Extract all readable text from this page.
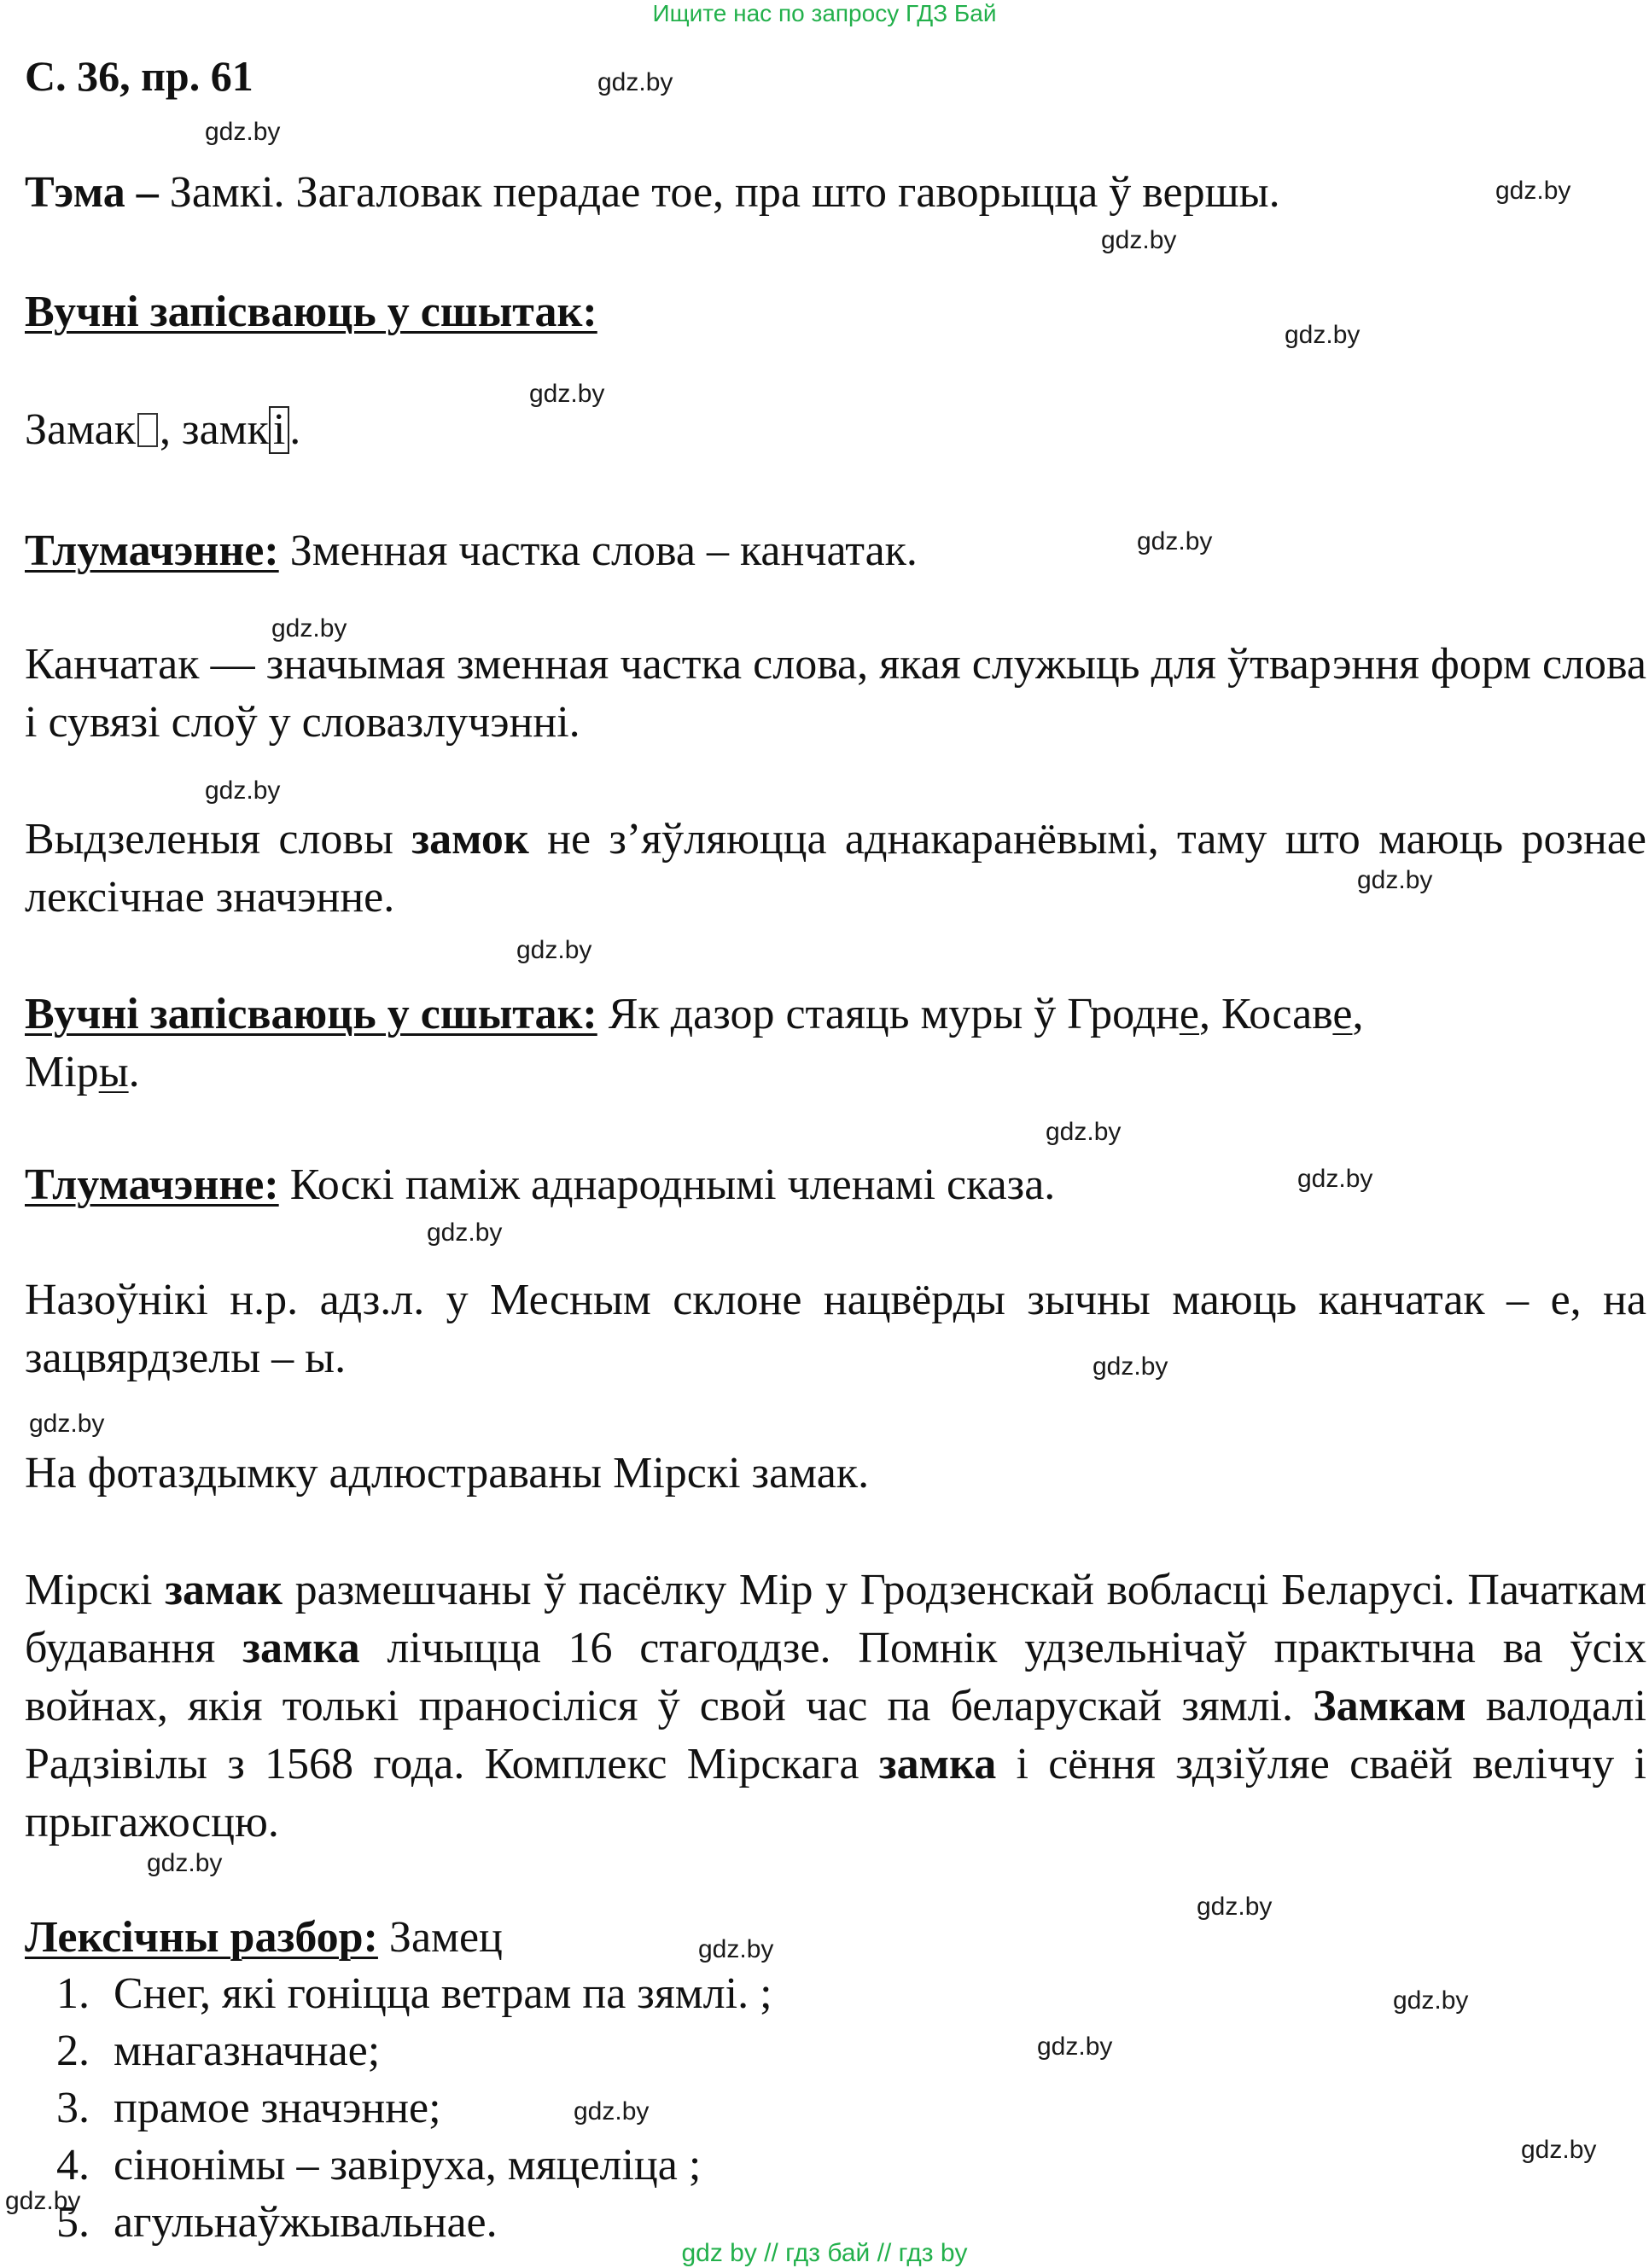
Ищите нас по запросу ГДЗ Бай
С. 36, пр. 61
Тэма – Замкі. Загаловак перадае тое, пра што гаворыцца ў вершы.
Вучні запісваюць у сшытак:
Замак , замкі.
Тлумачэнне: Зменная частка слова – канчатак.
Канчатак — значымая зменная частка слова, якая служыць для ўтварэння форм слова і сувязі слоў у словазлучэнні.
Выдзеленыя словы замок не з’яўляюцца аднакаранёвымі, таму што маюць рознае лексічнае значэнне.
Вучні запісваюць у сшытак: Як дазор стаяць муры ў Гродне, Косаве,
Міры.
Тлумачэнне: Коскі паміж аднароднымі членамі сказа.
Назоўнікі н.р. адз.л. у Месным склоне нацвёрды зычны маюць канчатак – е, на зацвярдзелы – ы.
На фотаздымку адлюстраваны Мірскі замак.
Мірскі замак размешчаны ў пасёлку Мір у Гродзенскай вобласці Беларусі. Пачаткам будавання замка лічыцца 16 стагоддзе. Помнік удзельнічаў практычна ва ўсіх войнах, якія толькі праносіліся ў свой час па беларускай зямлі. Замкам валодалі Радзівілы з 1568 года. Комплекс Мірскага замка і сёння здзіўляе сваёй веліччу і прыгажосцю.
Лексічны разбор: Замец
1. Снег, які гоніцца ветрам па зямлі. ;
2. мнагазначнае;
3. прамое значэнне;
4. сінонімы – завіруха, мяцеліца ;
5. агульнаўжывальнае.
gdz.by
gdz.by
gdz.by
gdz.by
gdz.by
gdz.by
gdz.by
gdz.by
gdz.by
gdz.by
gdz.by
gdz.by
gdz.by
gdz.by
gdz.by
gdz.by
gdz.by
gdz.by
gdz.by
gdz.by
gdz.by
gdz.by
gdz.by
gdz.by
gdz by // гдз бай // гдз by
